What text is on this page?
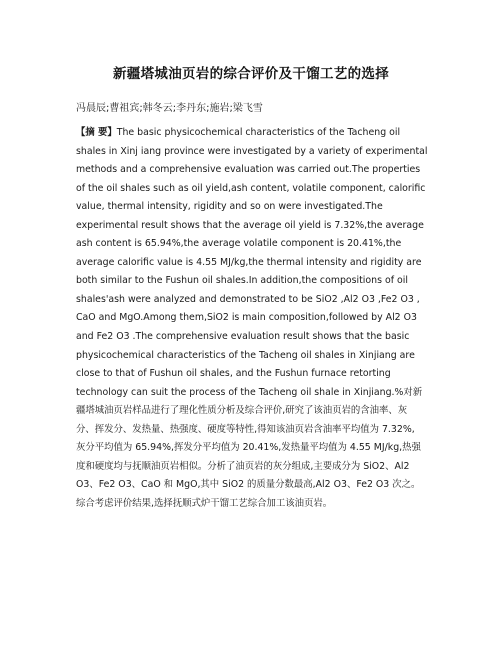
新疆塔城油页岩的综合评价及干馏工艺的选择
冯晨辰;曹祖宾;韩冬云;李丹东;施岩;梁飞雪
【摘 要】The basic physicochemical characteristics of the Tacheng oil
shales in Xinj iang province were investigated by a variety of experimental
methods and a comprehensive evaluation was carried out.The properties
of the oil shales such as oil yield,ash content, volatile component, calorific
value, thermal intensity, rigidity and so on were investigated.The
experimental result shows that the average oil yield is 7.32%,the average
ash content is 65.94%,the average volatile component is 20.41%,the
average calorific value is 4.55 MJ/kg,the thermal intensity and rigidity are
both similar to the Fushun oil shales.In addition,the compositions of oil
shales'ash were analyzed and demonstrated to be SiO2 ,Al2 O3 ,Fe2 O3 ,
CaO and MgO.Among them,SiO2 is main composition,followed by Al2 O3
and Fe2 O3 .The comprehensive evaluation result shows that the basic
physicochemical characteristics of the Tacheng oil shales in Xinjiang are
close to that of Fushun oil shales, and the Fushun furnace retorting
technology can suit the process of the Tacheng oil shale in Xinjiang.%对新
疆塔城油页岩样品进行了理化性质分析及综合评价,研究了该油页岩的含油率、灰
分、挥发分、发热量、热强度、硬度等特性,得知该油页岩含油率平均值为 7.32%,
灰分平均值为 65.94%,挥发分平均值为 20.41%,发热量平均值为 4.55 MJ/kg,热强
度和硬度均与抚顺油页岩相似。分析了油页岩的灰分组成,主要成分为 SiO2、Al2
O3、Fe2 O3、CaO 和 MgO,其中 SiO2 的质量分数最高,Al2 O3、Fe2 O3 次之。
综合考虑评价结果,选择抚顺式炉干馏工艺综合加工该油页岩。
